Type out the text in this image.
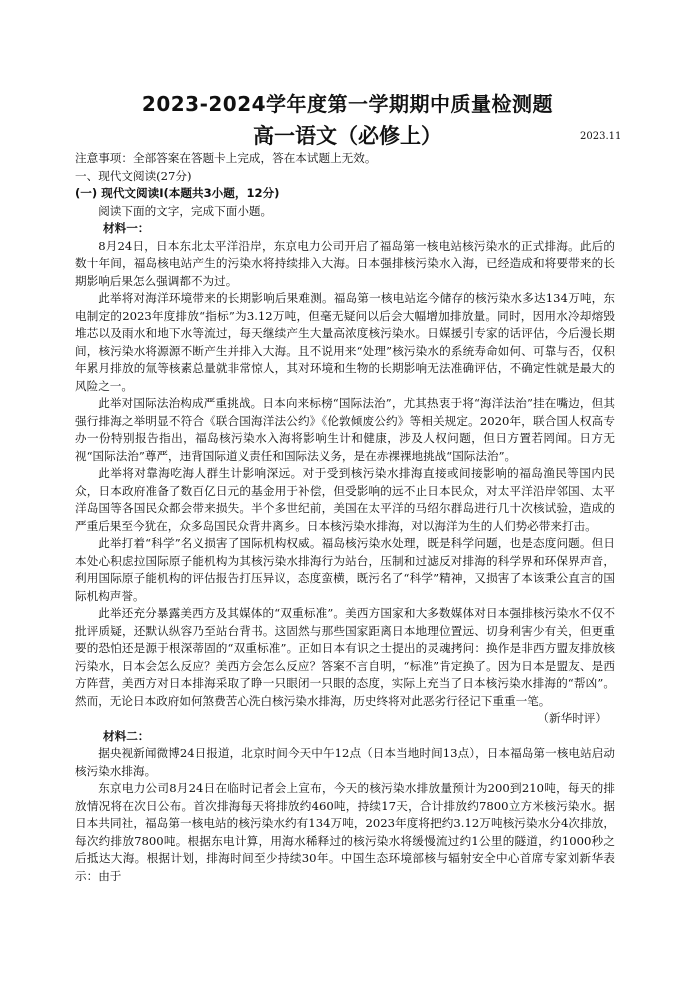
2023-2024学年度第一学期期中质量检测题
高一语文（必修上）	2023.11

注意事项：全部答案在答题卡上完成，答在本试题上无效。

一、现代文阅读(27分)

(一) 现代文阅读Ⅰ(本题共3小题，12分)

阅读下面的文字，完成下面小题。

材料一：

8月24日，日本东北太平洋沿岸，东京电力公司开启了福岛第一核电站核污染水的正式排海。此后的数十年间，福岛核电站产生的污染水将持续排入大海。日本强排核污染水入海，已经造成和将要带来的长期影响后果怎么强调都不为过。

此举将对海洋环境带来的长期影响后果难测。福岛第一核电站迄今储存的核污染水多达134万吨，东电制定的2023年度排放“指标”为3.12万吨，但毫无疑问以后会大幅增加排放量。同时，因用水冷却熔毁堆芯以及雨水和地下水等流过，每天继续产生大量高浓度核污染水。日媒援引专家的话评估，今后漫长期间，核污染水将源源不断产生并排入大海。且不说用来“处理”核污染水的系统寿命如何、可靠与否，仅积年累月排放的氚等核素总量就非常惊人，其对环境和生物的长期影响无法准确评估，不确定性就是最大的风险之一。

此举对国际法治构成严重挑战。日本向来标榜“国际法治”，尤其热衷于将“海洋法治”挂在嘴边，但其强行排海之举明显不符合《联合国海洋法公约》《伦敦倾废公约》等相关规定。2020年，联合国人权高专办一份特别报告指出，福岛核污染水入海将影响生计和健康，涉及人权问题，但日方置若罔闻。日方无视“国际法治”尊严，违背国际道义责任和国际法义务，是在赤裸裸地挑战“国际法治”。

此举将对靠海吃海人群生计影响深远。对于受到核污染水排海直接或间接影响的福岛渔民等国内民众，日本政府准备了数百亿日元的基金用于补偿，但受影响的远不止日本民众，对太平洋沿岸邻国、太平洋岛国等各国民众都会带来损失。半个多世纪前，美国在太平洋的马绍尔群岛进行几十次核试验，造成的严重后果至今犹在，众多岛国民众背井离乡。日本核污染水排海，对以海洋为生的人们势必带来打击。

此举打着“科学”名义损害了国际机构权威。福岛核污染水处理，既是科学问题，也是态度问题。但日本处心积虑拉国际原子能机构为其核污染水排海行为站台，压制和过滤反对排海的科学界和环保界声音，利用国际原子能机构的评估报告打压异议，态度蛮横，既污名了“科学”精神，又损害了本该秉公直言的国际机构声誉。

此举还充分暴露美西方及其媒体的“双重标准”。美西方国家和大多数媒体对日本强排核污染水不仅不批评质疑，还默认纵容乃至站台背书。这固然与那些国家距离日本地理位置远、切身利害少有关，但更重要的恐怕还是源于根深蒂固的“双重标准”。正如日本有识之士提出的灵魂拷问：换作是非西方盟友排放核污染水，日本会怎么反应？美西方会怎么反应？答案不言自明，“标准”肯定换了。因为日本是盟友、是西方阵营，美西方对日本排海采取了睁一只眼闭一只眼的态度，实际上充当了日本核污染水排海的“帮凶”。然而，无论日本政府如何煞费苦心洗白核污染水排海，历史终将对此恶劣行径记下重重一笔。

（新华时评）

材料二：

据央视新闻微博24日报道，北京时间今天中午12点（日本当地时间13点），日本福岛第一核电站启动核污染水排海。

东京电力公司8月24日在临时记者会上宣布，今天的核污染水排放量预计为200到210吨，每天的排放情况将在次日公布。首次排海每天将排放约460吨，持续17天，合计排放约7800立方米核污染水。据日本共同社，福岛第一核电站的核污染水约有134万吨，2023年度将把约3.12万吨核污染水分4次排放，每次约排放7800吨。根据东电计算，用海水稀释过的核污染水将缓慢流过约1公里的隧道，约1000秒之后抵达大海。根据计划，排海时间至少持续30年。中国生态环境部核与辐射安全中心首席专家刘新华表示：由于
